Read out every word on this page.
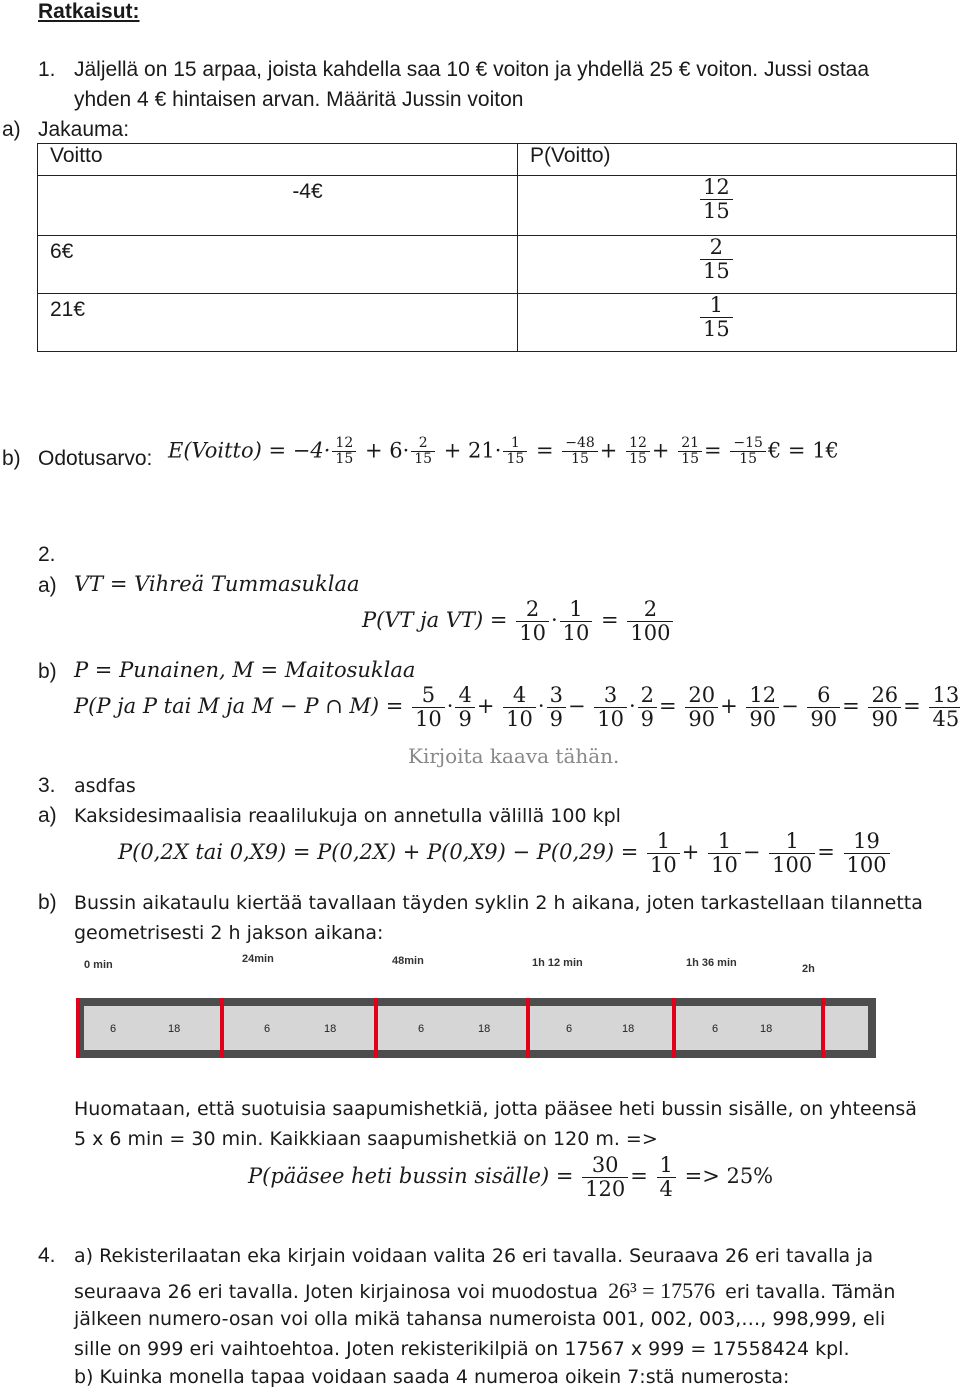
Ratkaisut:
1. Jäljellä on 15 arpaa, joista kahdella saa 10 € voiton ja yhdellä 25 € voiton. Jussi ostaa
yhden 4 € hintaisen arvan. Määritä Jussin voiton
a) Jakauma:
Voitto	P(Voitto)
-4€	$\frac{12}{15}$

6€	$\frac{2}{15}$

21€	$\frac{1}{15}$
b) Odotusarvo: E(Voitto) = $-4\cdot \frac{12}{15} + 6\cdot \frac{2}{15} + 21\cdot \frac{1}{15} = \frac{-48}{15} + \frac{12}{15} + \frac{21}{15} = \frac{-15}{15}$ € = 1€
2.
a) VT = Vihreä Tummasuklaa
P(VT ja $VT) = \frac{2}{10} \cdot \frac{1}{10} = \frac{2}{100}$
b) P = Punainen, M = Maitosuklaa
P(P ja P tai M ja M − P ∩ $M) = \frac{5}{10} \cdot \frac{4}{9} + \frac{4}{10} \cdot \frac{3}{9} - \frac{3}{10} \cdot \frac{2}{9} = \frac{20}{90} + \frac{12}{90} - \frac{6}{90} = \frac{26}{90} = \frac{13}{45}$
Kirjoita kaava tähän.
3. asdfas
a) Kaksidesimaalisia reaalilukuja on annetulla välillä 100 kpl
P(0,2X tai $0,X9) = P(0,2X) + P(0,X9) - P(0,29) = \frac{1}{10} + \frac{1}{10} - \frac{1}{100} = \frac{19}{100}$
b) Bussin aikataulu kiertää tavallaan täyden syklin 2 h aikana, joten tarkastellaan tilannetta
geometrisesti 2 h jakson aikana:
0 min	24min	48min	1h 12 min	1h 36 min	2h
6	18	6	18	6	18	6	18	6	18
Huomataan, että suotuisia saapumishetkiä, jotta pääsee heti bussin sisälle, on yhteensä
5 x 6 min = 30 min. Kaikkiaan saapumishetkiä on 120 m. =>
P(pääsee heti bussin sisälle) = $\frac{30}{120} = \frac{1}{4} => 25\%$
4. a) Rekisterilaatan eka kirjain voidaan valita 26 eri tavalla. Seuraava 26 eri tavalla ja
seuraava 26 eri tavalla. Joten kirjainosa voi muodostua 26³ = 17576 eri tavalla. Tämän
jälkeen numero-osan voi olla mikä tahansa numeroista 001, 002, 003,…, 998,999, eli
sille on 999 eri vaihtoehtoa. Joten rekisterikilpiä on 17567 x 999 = 17558424 kpl.
b) Kuinka monella tapaa voidaan saada 4 numeroa oikein 7:stä numerosta:
